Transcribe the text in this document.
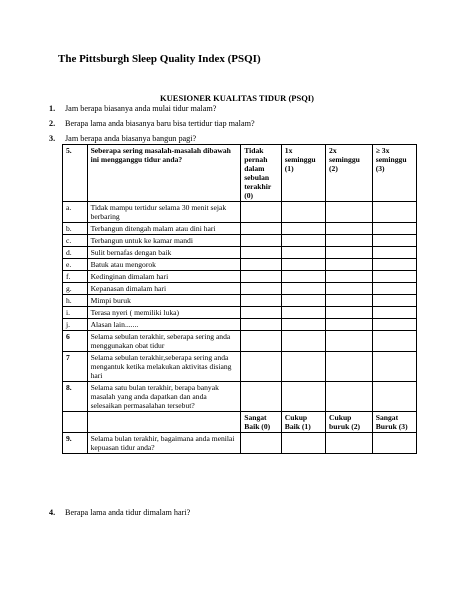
The Pittsburgh Sleep Quality Index (PSQI)
KUESIONER KUALITAS TIDUR (PSQI)
1. Jam berapa biasanya anda mulai tidur malam?
2. Berapa lama anda biasanya baru bisa tertidur tiap malam?
3. Jam berapa anda biasanya bangun pagi?
5.	Seberapa sering masalah-masalah dibawah ini mengganggu tidur anda?	Tidak pernah dalam sebulan terakhir (0)	1x seminggu (1)	2x seminggu (2)	≥ 3x seminggu (3)
a.	Tidak mampu tertidur selama 30 menit sejak berbaring				
b.	Terbangun ditengah malam atau dini hari				
c.	Terbangun untuk ke kamar mandi				
d.	Sulit bernafas dengan baik				
e.	Batuk atau mengorok				
f.	Kedinginan dimalam hari				
g.	Kepanasan dimalam hari				
h.	Mimpi buruk				
i.	Terasa nyeri ( memiliki luka)				
j.	Alasan lain.......				
6	Selama sebulan terakhir, seberapa sering anda menggunakan obat tidur				
7	Selama sebulan terakhir,seberapa sering anda mengantuk ketika melakukan aktivitas disiang hari				
8.	Selama satu bulan terakhir, berapa banyak masalah yang anda dapatkan dan anda selesaikan permasalahan tersebut?				
		Sangat Baik (0)	Cukup Baik (1)	Cukup buruk (2)	Sangat Buruk (3)
9.	Selama bulan terakhir, bagaimana anda menilai kepuasan tidur anda?				
4. Berapa lama anda tidur dimalam hari?
